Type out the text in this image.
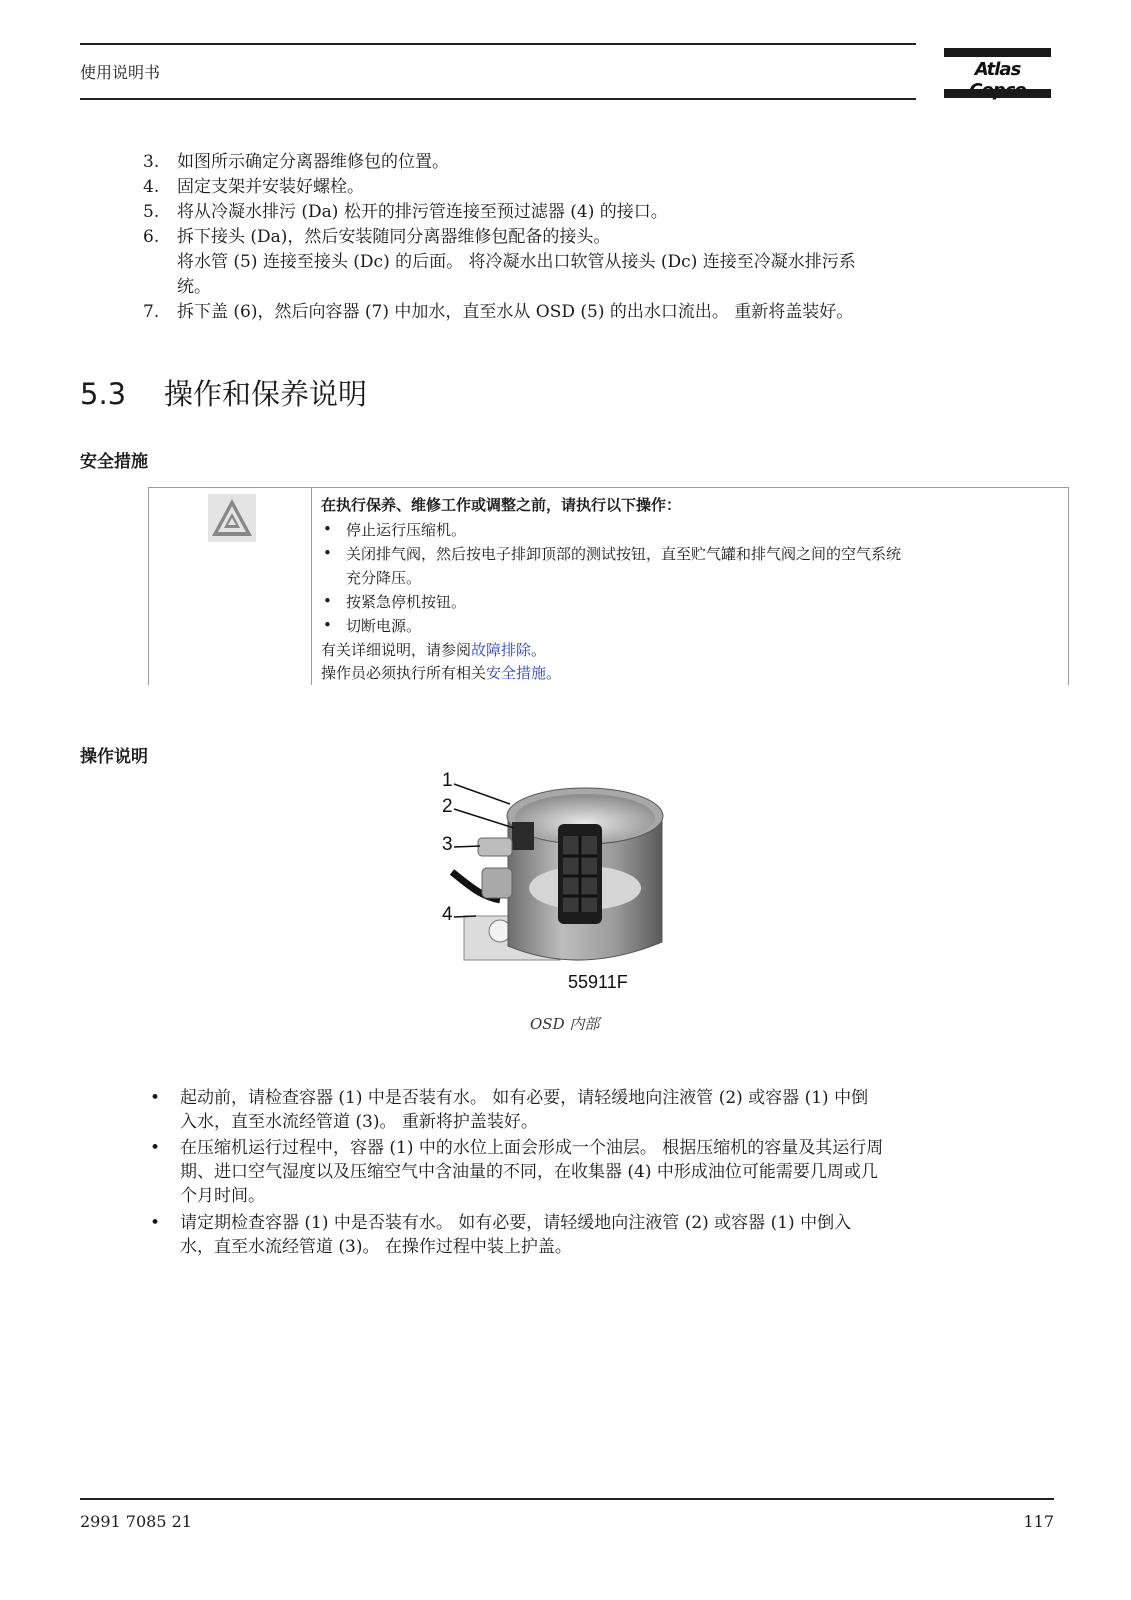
使用说明书	Atlas
3. 如图所示确定分离器维修包的位置。
4. 固定支架并安装好螺栓。
5. 将从冷凝水排污 (Da) 松开的排污管连接至预过滤器 (4) 的接口。
6. 拆下接头 (Da)，然后安装随同分离器维修包配备的接头。
将水管 (5) 连接至接头 (Dc) 的后面。 将冷凝水出口软管从接头 (Dc) 连接至冷凝水排污系
统。
7. 拆下盖 (6)，然后向容器 (7) 中加水，直至水从 OSD (5) 的出水口流出。 重新将盖装好。
5.3 操作和保养说明
安全措施
在执行保养、维修工作或调整之前，请执行以下操作：
• 停止运行压缩机。
• 关闭排气阀，然后按电子排卸顶部的测试按钮，直至贮气罐和排气阀之间的空气系统
充分降压。
• 按紧急停机按钮。
• 切断电源。
有关详细说明，请参阅故障排除。
操作员必须执行所有相关安全措施。
操作说明
1
2
3
4
55911F
OSD 内部
• 起动前，请检查容器 (1) 中是否装有水。 如有必要，请轻缓地向注液管 (2) 或容器 (1) 中倒
入水，直至水流经管道 (3)。 重新将护盖装好。
• 在压缩机运行过程中，容器 (1) 中的水位上面会形成一个油层。 根据压缩机的容量及其运行周
期、进口空气湿度以及压缩空气中含油量的不同，在收集器 (4) 中形成油位可能需要几周或几
个月时间。
• 请定期检查容器 (1) 中是否装有水。 如有必要，请轻缓地向注液管 (2) 或容器 (1) 中倒入
水，直至水流经管道 (3)。 在操作过程中装上护盖。
2991 7085 21	117
